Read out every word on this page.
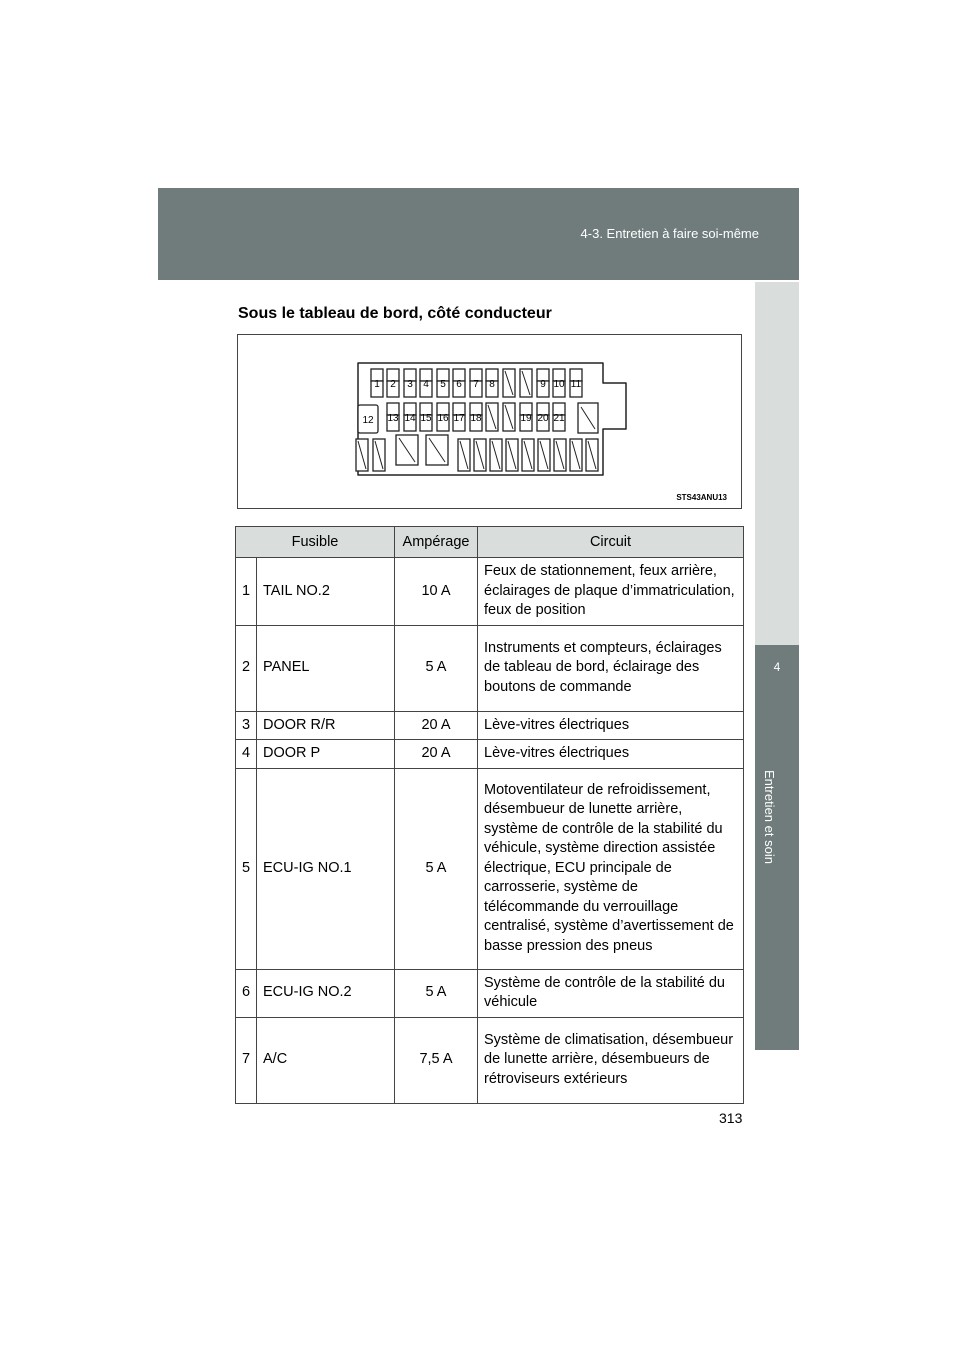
4-3. Entretien à faire soi-même
4
Entretien et soin
Sous le tableau de bord, côté conducteur
1 2 3 4 5 6 7 8	9 10 11
12 13 14 15 16 17 18	19 20 21
STS43ANU13
Fusible		Ampérage	Circuit
1	TAIL NO.2	10 A	Feux de stationnement, feux arrière, éclairages de plaque d’immatriculation, feux de position
2	PANEL	5 A	Instruments et compteurs, éclairages de tableau de bord, éclairage des boutons de commande
3	DOOR R/R	20 A	Lève-vitres électriques
4	DOOR P	20 A	Lève-vitres électriques
5	ECU-IG NO.1	5 A	Motoventilateur de refroidissement, désembueur de lunette arrière, système de contrôle de la stabilité du véhicule, système direction assistée électrique, ECU principale de carrosserie, système de télécommande du verrouillage centralisé, système d’avertissement de basse pression des pneus
6	ECU-IG NO.2	5 A	Système de contrôle de la stabilité du véhicule
7	A/C	7,5 A	Système de climatisation, désembueur de lunette arrière, désembueurs de rétroviseurs extérieurs
313
